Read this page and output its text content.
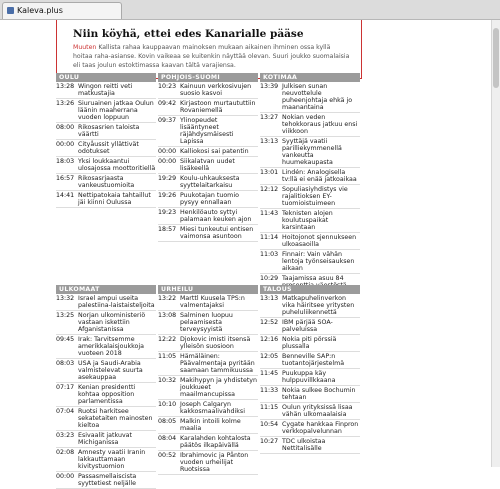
Kaleva.plus
Niin köyhä, ettei edes Kanarialle pääse
Muuten Kallista rahaa kauppaavan mainoksen mukaan aikainen ihminen ossa kyllä hoitaa raha-asianse. Kovin vaikeaa se kuitenkin näyttää olevan. Suuri joukko suomalaisia eli taas joulun estoktimassa kaavan tältä varajiensa.
OULU
13:28 Wingon reitti veti matkustajia
13:26 Siuruainen jatkaa Oulun läänin maaherrana vuoden loppuun
08:00 Rikosasrien taloista väärtti
00:00 Cityåussit yllättivät odotukset
18:03 Yksi loukkaantui ulosajossa moottoritiellä
16:57 Rikosasrjaasta vankeustuomioita
14:41 Nettipatokaia tahtaillut jäi kiinni Oulussa
POHJOIS-SUOMI
10:23 Kainuun verkkosivujen suosio kasvoi
09:42 Kirjastoon murtaututtiin Rovaniemellä
09:37 Ylinopeudet lisääntyneet räjähdysmäisesti Lapissa
00:00 Kalliokosi sai patentin
00:00 Siikalatvan uudet lisäkeellä
19:29 Koulu-uhkauksesta syyttelaitarkaisu
19:26 Puukotajan tuomio pysyy ennallaan
19:23 Henkilöauto syttyi palamaan keuken ajon
18:57 Miesi tunkeutui entisen vaimonsa asuntoon
KOTIMAA
13:39 Julkisen sunan neuvottelule puheenjohtaja ehkä jo maanantaina
13:27 Nokian veden tehokkoraus jatkuu ensi viikkoon
13:13 Syyttäjä vaatii parilliekymmenellä vankeutta huumekaupasta
13:01 Lindén: Analogisella tv:llä ei enää jatkoaikaa
12:12 Sopuliasiyhdistys vie rajalitioksen EY-tuomioistuimeen
11:43 Teknisten alojen koulutuspaikat karsintaan
11:14 Hoitojonot sjennukseen ulkoasaoilla
11:03 Finnair: Vain vähän lentoja työnseisauksen aikaan
10:29 Taajamissa asuu 84
ULKOMAAT
13:32 Israel ampui useita palestiina-laistaisteljoita
13:25 Norjan ulkoministeriö vastaan iskettiin Afganistanissa
09:45 Irak: Tarvitsemme amerikkalaisjoukkoja vuoteen 2018
08:03 USA ja Saudi-Arabia valmistelevat suurta asekauppaa
07:17 Kenian presidentti kohtaa opposition parlamentissa
07:04 Ruotsi harkitsee sekatetaiten mainosten kieltoa
03:23 Esivaalit jatkuvat Michiganissa
02:08 Amnesty vaatii Iranin lakkauttamaan kivitystuomion
00:00 Passasmellaiscista syyttetiest neljälle
URHEILU
13:22 Marttl Kuusela TPS:n valmentajaksi
13:08 Salminen luopuu pelaamisesta terveysyyistä
12:22 Djokovic imisti itsensä ylleisön suosioon
11:05 Hämäläinen: Päävalmentaja pyritään saamaan tammikuussa
10:32 Makihypyn ja yhdistetyn joukkueet maailmancupissa
10:10 Joseph Calgaryn kakkosmaalivahdiksi
08:05 Malkin intoili kolme maalia
08:04 Karalahden kohtalosta päätös ilkapäivällä
00:52 Ibrahimovic ja Pånton vuoden urheilijat Ruotsissa
TALOUS
13:13 Matkapuhelinverkon vika häiritsee yritysten puheluliikennettä
12:52 IBM pärjää SOA-palveluissa
12:16 Nokia piti pörssiä plussalla
12:05 Benneville SAP:n tuotantojärjestelmä
11:45 Puukuppa käy hulppuvillkkaana
11:33 Nokia sulkee Bochumin tehtaan
11:15 Oulun yrityksissä lisaa vähän ulkomaalaisia
10:54 Cygate hankkaa Finpron verkkopalvelunnan
10:27 TDC ulkoistaa Nettitalisälle
